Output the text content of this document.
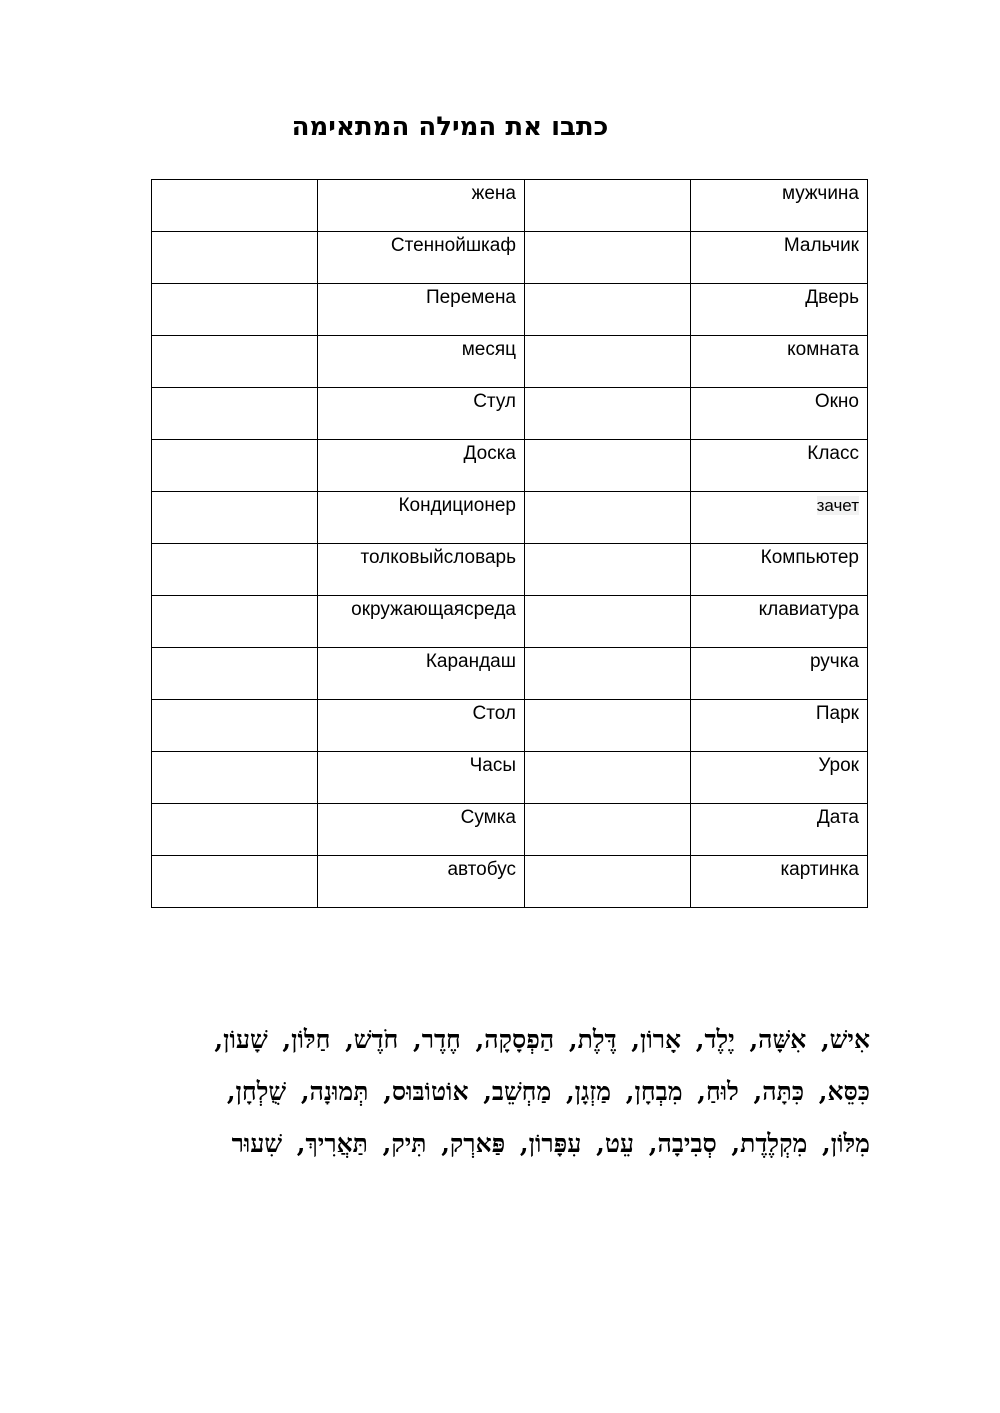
כתבו את המילה המתאימה
	жена		мужчина
	Стеннойшкаф		Мальчик
	Перемена		Дверь
	месяц		комната
	Стул		Окно
	Доска		Класс
	Кондиционер		зачет
	толковыйсловарь		Компьютер
	окружающаясреда		клавиатура
	Карандаш		ручка
	Стол		Парк
	Часы		Урок
	Сумка		Дата
	автобус		картинка
אִישׁ, אִשָּׁה, יֶלֶד, אָרוֹן, דֶּלֶת, הַפְסָקָה, חֶדֶר, חֹדֶשׁ, חַלּוֹן, שָׁעוֹן,
כִּסֵּא, כִּתָּה, לוּחַ, מִבְחָן, מַזְגָן, מַחְשֵׁב, אוֹטוֹבּוּס, תְּמוּנָה, שֻׁלְחָן,
מִלּוֹן, מִקְלֶדֶת, סְבִיבָה, עֵט, עִפָּרוֹן, פַּארְק, תִּיק, תַּאֲרִיךְ, שִׁעוּר
